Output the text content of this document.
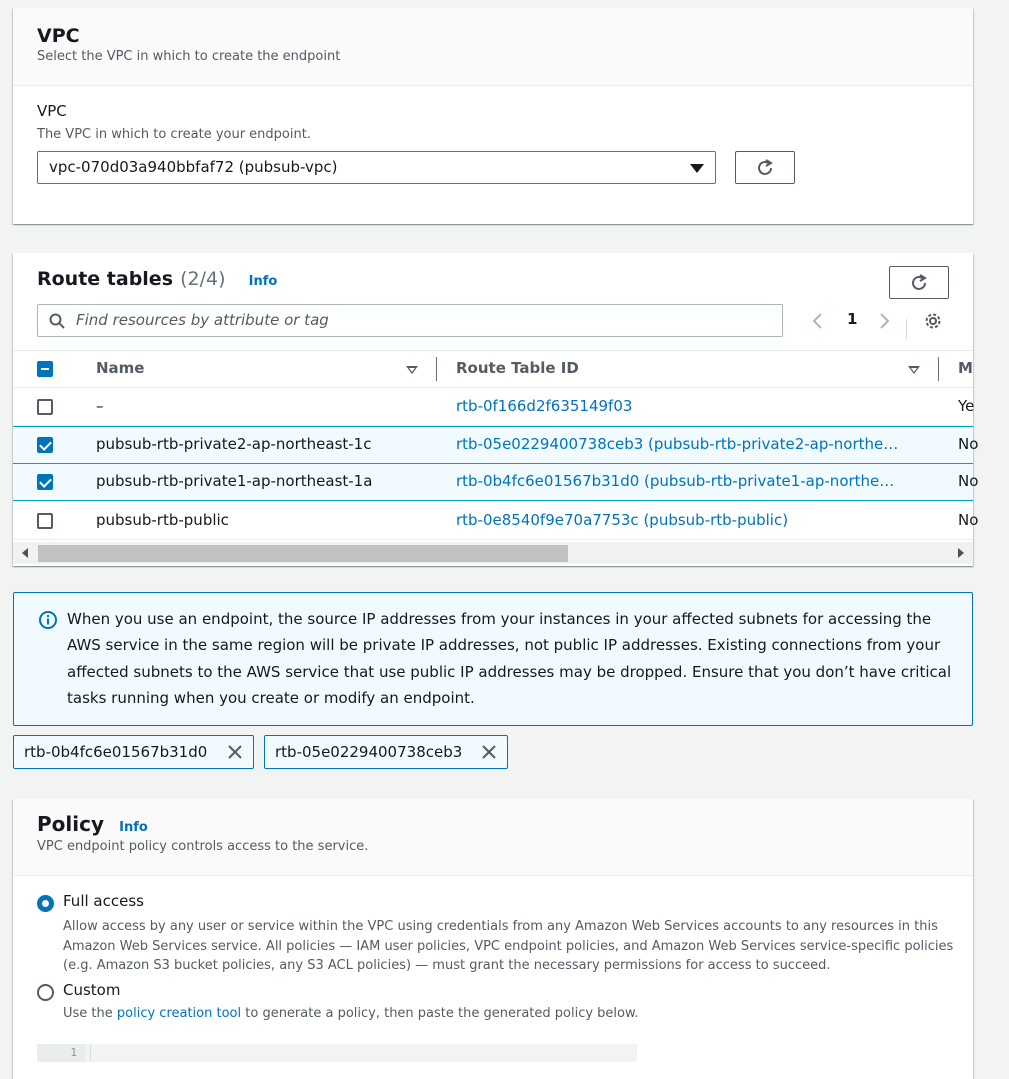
VPC
Select the VPC in which to create the endpoint
VPC
The VPC in which to create your endpoint.
vpc-070d03a940bbfaf72 (pubsub-vpc)
Route tables (2/4) Info
Find resources by attribute or tag	1
Name	Route Table ID	M
–	rtb-0f166d2f635149f03	Ye
pubsub-rtb-private2-ap-northeast-1c	rtb-05e0229400738ceb3 (pubsub-rtb-private2-ap-northe…	No
pubsub-rtb-private1-ap-northeast-1a	rtb-0b4fc6e01567b31d0 (pubsub-rtb-private1-ap-northe…	No
pubsub-rtb-public	rtb-0e8540f9e70a7753c (pubsub-rtb-public)	No
When you use an endpoint, the source IP addresses from your instances in your affected subnets for accessing the AWS service in the same region will be private IP addresses, not public IP addresses. Existing connections from your affected subnets to the AWS service that use public IP addresses may be dropped. Ensure that you don’t have critical tasks running when you create or modify an endpoint.
rtb-0b4fc6e01567b31d0	rtb-05e0229400738ceb3
Policy Info
VPC endpoint policy controls access to the service.
Full access
Allow access by any user or service within the VPC using credentials from any Amazon Web Services accounts to any resources in this Amazon Web Services service. All policies — IAM user policies, VPC endpoint policies, and Amazon Web Services service-specific policies (e.g. Amazon S3 bucket policies, any S3 ACL policies) — must grant the necessary permissions for access to succeed.
Custom
Use the policy creation tool to generate a policy, then paste the generated policy below.
1
